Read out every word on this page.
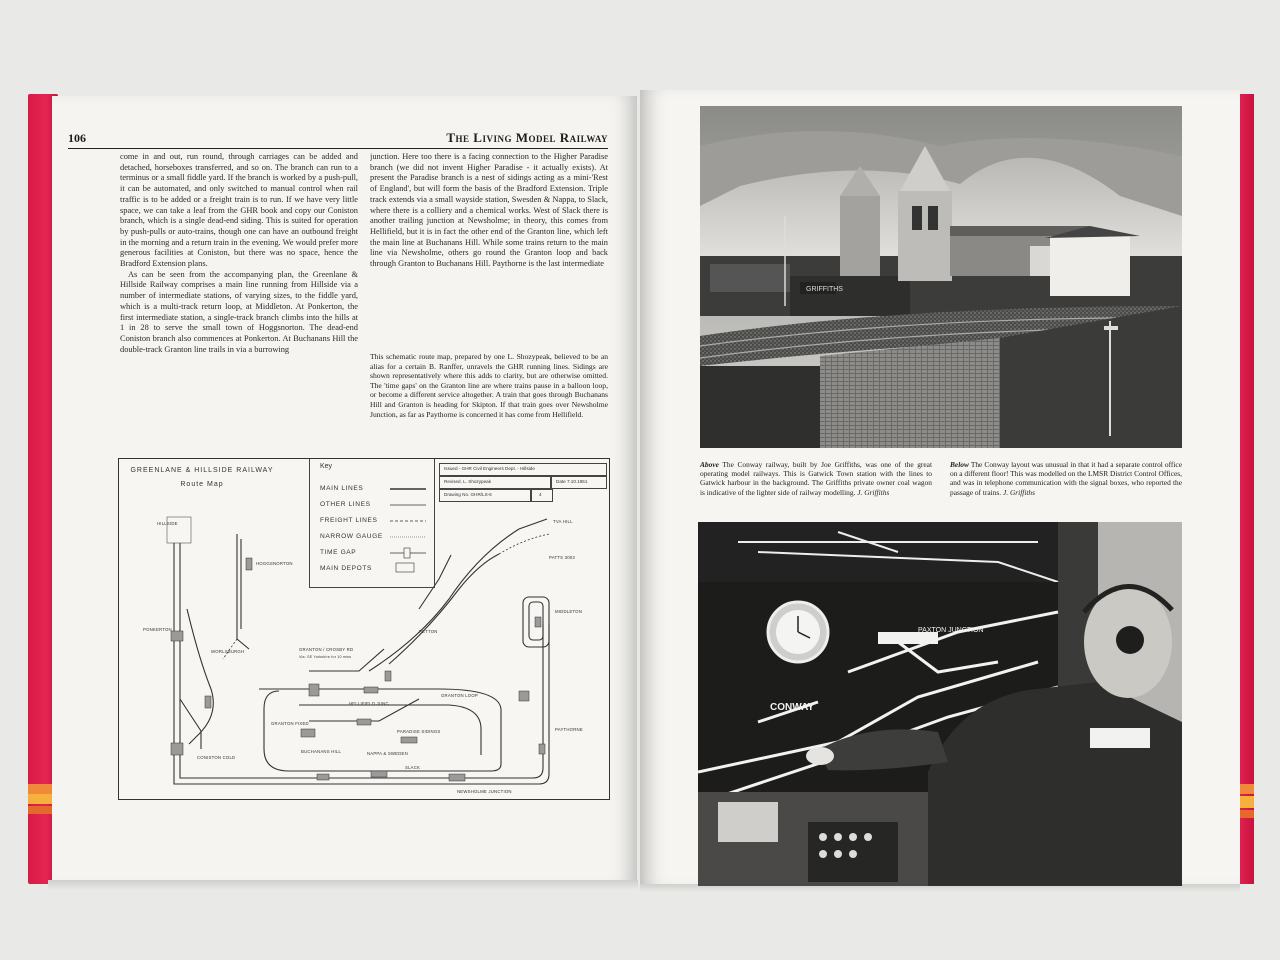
106	The Living Model Railway

come in and out, run round, through carriages can be added and detached, horseboxes transferred, and so on. The branch can run to a terminus or a small fiddle yard. If the branch is worked by a push-pull, it can be automated, and only switched to manual control when rail traffic is to be added or a freight train is to run. If we have very little space, we can take a leaf from the GHR book and copy our Coniston branch, which is a single dead-end siding. This is suited for operation by push-pulls or auto-trains, though one can have an outbound freight in the morning and a return train in the evening. We would prefer more generous facilities at Coniston, but there was no space, hence the Bradford Extension plans.

As can be seen from the accompanying plan, the Greenlane & Hillside Railway comprises a main line running from Hillside via a number of intermediate stations, of varying sizes, to the fiddle yard, which is a multi-track return loop, at Middleton. At Ponkerton, the first intermediate station, a single-track branch climbs into the hills at 1 in 28 to serve the small town of Hoggsnorton. The dead-end Coniston branch also commences at Ponkerton. At Buchanans Hill the double-track Granton line trails in via a burrowing

junction. Here too there is a facing connection to the Higher Paradise branch (we did not invent Higher Paradise - it actually exists). At present the Paradise branch is a nest of sidings acting as a mini-'Rest of England', but will form the basis of the Bradford Extension. Triple track extends via a small wayside station, Swesden & Nappa, to Slack, where there is a colliery and a chemical works. West of Slack there is another trailing junction at Newsholme; in theory, this comes from Hellifield, but it is in fact the other end of the Granton line, which left the main line at Buchanans Hill. While some trains return to the main line via Newsholme, others go round the Granton loop and back through Granton to Buchanans Hill. Paythorne is the last intermediate

This schematic route map, prepared by one L. Shozypeak, believed to be an alias for a certain B. Ranffer, unravels the GHR running lines. Sidings are shown representatively where this adds to clarity, but are otherwise omitted. The 'time gaps' on the Granton line are where trains pause in a balloon loop, or become a different service altogether. A train that goes through Buchanans Hill and Granton is heading for Skipton. If that train goes over Newsholme Junction, as far as Paythorne is concerned it has come from Hellifield.

GREENLANE & HILLSIDE RAILWAY
Route Map
Key
MAIN LINES
OTHER LINES
FREIGHT LINES
NARROW GAUGE
TIME GAP
MAIN DEPOTS
Issued - GHR Civil Engineers Dept. - Hillside
Revised. L. Shozypeak	Date 7.10.1951
Drawing No. GHR/LS-6	4
HILLSIDE
HOGGSNORTON
WORLSBURGH
PONKERTON
CONISTON COLD
GRANTON / CROSBY RD
Via: SE Yorkshire for 10 mins
GRANTON FIXED
BUCHANANS HILL
HELLIFIELD JUNC
GRANTON LOOP
PARADISE SIDINGS
NAPPA & SWEDEN
SLACK
NEWSHOLME JUNCTION
PAYTHORNE
MIDDLETON
PETTON
TVA HILL
PATTS 3003
GRIFFITHS
Above The Conway railway, built by Joe Griffiths, was one of the great operating model railways. This is Gatwick Town station with the lines to Gatwick harbour in the background. The Griffiths private owner coal wagon is indicative of the lighter side of railway modelling. J. Griffiths
Below The Conway layout was unusual in that it had a separate control office on a different floor! This was modelled on the LMSR District Control Offices, and was in telephone communication with the signal boxes, who reported the passage of trains. J. Griffiths
CONWAY
PAXTON JUNCTION
